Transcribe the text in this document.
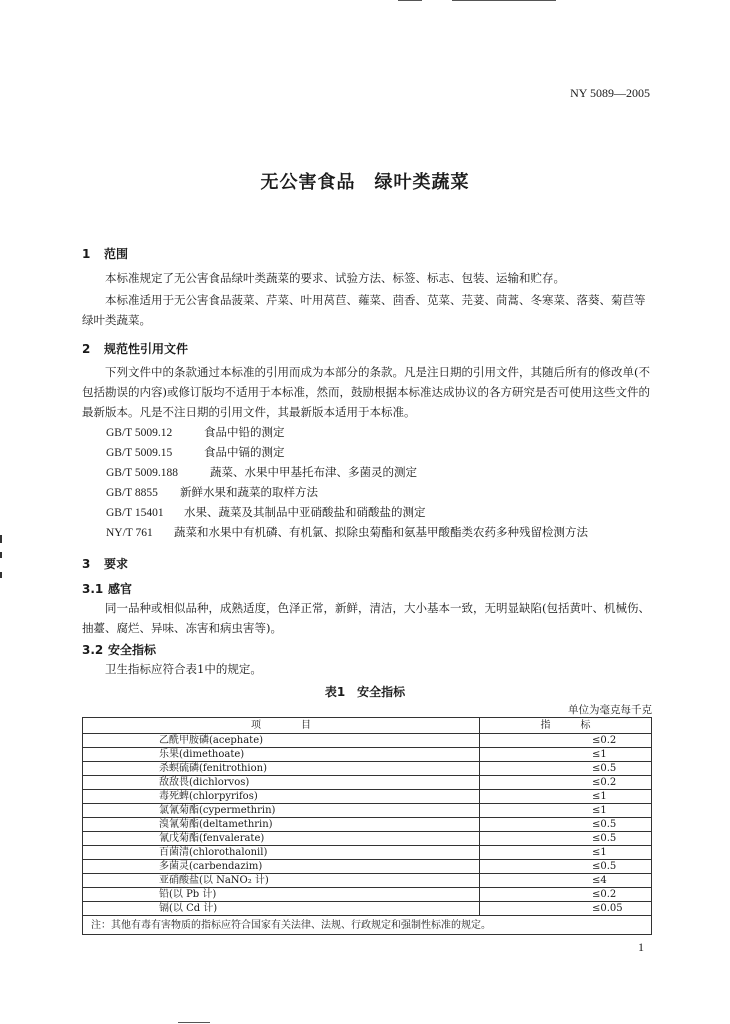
NY 5089—2005
无公害食品　绿叶类蔬菜
1 范围
本标准规定了无公害食品绿叶类蔬菜的要求、试验方法、标签、标志、包装、运输和贮存。
本标准适用于无公害食品菠菜、芹菜、叶用莴苣、蕹菜、茴香、苋菜、芫荽、茼蒿、冬寒菜、落葵、菊苣等绿叶类蔬菜。
2 规范性引用文件
下列文件中的条款通过本标准的引用而成为本部分的条款。凡是注日期的引用文件，其随后所有的修改单(不包括勘误的内容)或修订版均不适用于本标准，然而，鼓励根据本标准达成协议的各方研究是否可使用这些文件的最新版本。凡是不注日期的引用文件，其最新版本适用于本标准。
GB/T 5009.12	食品中铅的测定
GB/T 5009.15	食品中镉的测定
GB/T 5009.188	蔬菜、水果中甲基托布津、多菌灵的测定
GB/T 8855 新鲜水果和蔬菜的取样方法
GB/T 15401 水果、蔬菜及其制品中亚硝酸盐和硝酸盐的测定
NY/T 761 蔬菜和水果中有机磷、有机氯、拟除虫菊酯和氨基甲酸酯类农药多种残留检测方法
3 要求
3.1 感官
同一品种或相似品种，成熟适度，色泽正常，新鲜，清洁，大小基本一致，无明显缺陷(包括黄叶、机械伤、抽薹、腐烂、异味、冻害和病虫害等)。
3.2 安全指标
卫生指标应符合表1中的规定。
表1　安全指标
单位为毫克每千克
项　　　　目	指　　　标
乙酰甲胺磷(acephate)	≤0.2
乐果(dimethoate)	≤1
杀螟硫磷(fenitrothion)	≤0.5
敌敌畏(dichlorvos)	≤0.2
毒死蜱(chlorpyrifos)	≤1
氯氰菊酯(cypermethrin)	≤1
溴氰菊酯(deltamethrin)	≤0.5
氰戊菊酯(fenvalerate)	≤0.5
百菌清(chlorothalonil)	≤1
多菌灵(carbendazim)	≤0.5
亚硝酸盐(以 NaNO₂ 计)	≤4
铅(以 Pb 计)	≤0.2
镉(以 Cd 计)	≤0.05
注：其他有毒有害物质的指标应符合国家有关法律、法规、行政规定和强制性标准的规定。	
1
